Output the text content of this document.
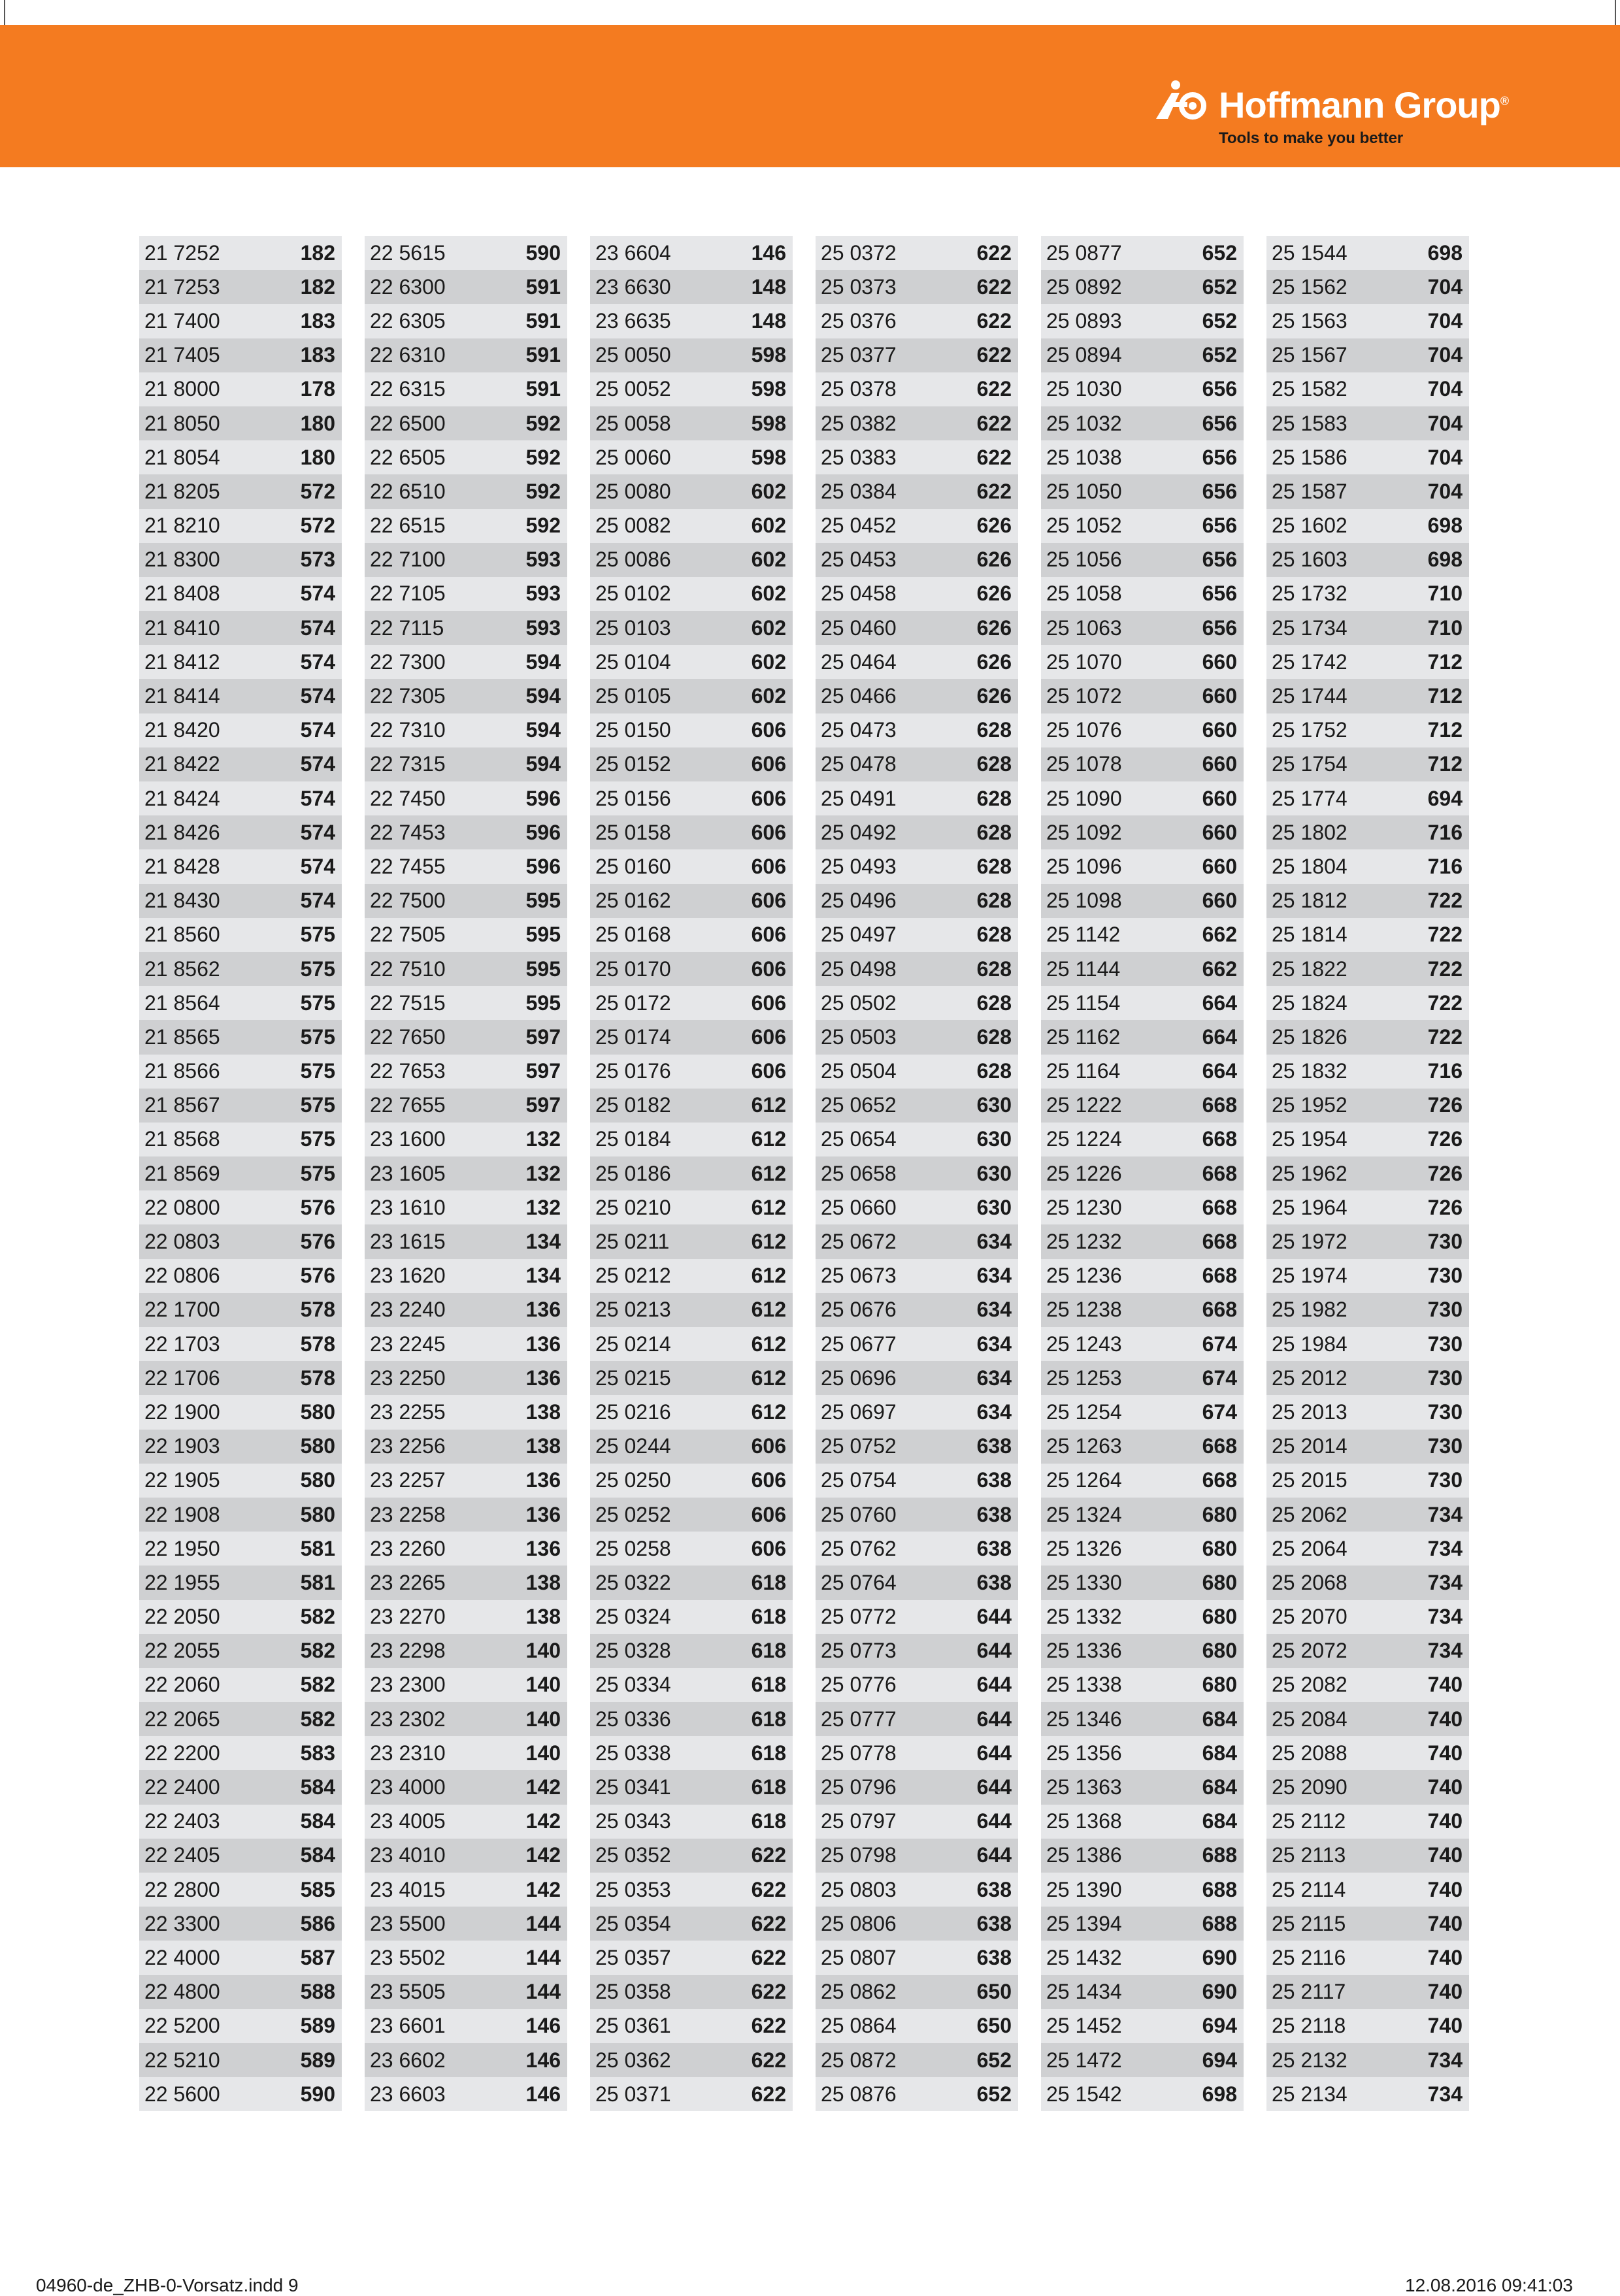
Hoffmann Group®
Tools to make you better
21 7252	182
21 7253	182
21 7400	183
21 7405	183
21 8000	178
21 8050	180
21 8054	180
21 8205	572
21 8210	572
21 8300	573
21 8408	574
21 8410	574
21 8412	574
21 8414	574
21 8420	574
21 8422	574
21 8424	574
21 8426	574
21 8428	574
21 8430	574
21 8560	575
21 8562	575
21 8564	575
21 8565	575
21 8566	575
21 8567	575
21 8568	575
21 8569	575
22 0800	576
22 0803	576
22 0806	576
22 1700	578
22 1703	578
22 1706	578
22 1900	580
22 1903	580
22 1905	580
22 1908	580
22 1950	581
22 1955	581
22 2050	582
22 2055	582
22 2060	582
22 2065	582
22 2200	583
22 2400	584
22 2403	584
22 2405	584
22 2800	585
22 3300	586
22 4000	587
22 4800	588
22 5200	589
22 5210	589
22 5600	590
22 5615	590
22 6300	591
22 6305	591
22 6310	591
22 6315	591
22 6500	592
22 6505	592
22 6510	592
22 6515	592
22 7100	593
22 7105	593
22 7115	593
22 7300	594
22 7305	594
22 7310	594
22 7315	594
22 7450	596
22 7453	596
22 7455	596
22 7500	595
22 7505	595
22 7510	595
22 7515	595
22 7650	597
22 7653	597
22 7655	597
23 1600	132
23 1605	132
23 1610	132
23 1615	134
23 1620	134
23 2240	136
23 2245	136
23 2250	136
23 2255	138
23 2256	138
23 2257	136
23 2258	136
23 2260	136
23 2265	138
23 2270	138
23 2298	140
23 2300	140
23 2302	140
23 2310	140
23 4000	142
23 4005	142
23 4010	142
23 4015	142
23 5500	144
23 5502	144
23 5505	144
23 6601	146
23 6602	146
23 6603	146
23 6604	146
23 6630	148
23 6635	148
25 0050	598
25 0052	598
25 0058	598
25 0060	598
25 0080	602
25 0082	602
25 0086	602
25 0102	602
25 0103	602
25 0104	602
25 0105	602
25 0150	606
25 0152	606
25 0156	606
25 0158	606
25 0160	606
25 0162	606
25 0168	606
25 0170	606
25 0172	606
25 0174	606
25 0176	606
25 0182	612
25 0184	612
25 0186	612
25 0210	612
25 0211	612
25 0212	612
25 0213	612
25 0214	612
25 0215	612
25 0216	612
25 0244	606
25 0250	606
25 0252	606
25 0258	606
25 0322	618
25 0324	618
25 0328	618
25 0334	618
25 0336	618
25 0338	618
25 0341	618
25 0343	618
25 0352	622
25 0353	622
25 0354	622
25 0357	622
25 0358	622
25 0361	622
25 0362	622
25 0371	622
25 0372	622
25 0373	622
25 0376	622
25 0377	622
25 0378	622
25 0382	622
25 0383	622
25 0384	622
25 0452	626
25 0453	626
25 0458	626
25 0460	626
25 0464	626
25 0466	626
25 0473	628
25 0478	628
25 0491	628
25 0492	628
25 0493	628
25 0496	628
25 0497	628
25 0498	628
25 0502	628
25 0503	628
25 0504	628
25 0652	630
25 0654	630
25 0658	630
25 0660	630
25 0672	634
25 0673	634
25 0676	634
25 0677	634
25 0696	634
25 0697	634
25 0752	638
25 0754	638
25 0760	638
25 0762	638
25 0764	638
25 0772	644
25 0773	644
25 0776	644
25 0777	644
25 0778	644
25 0796	644
25 0797	644
25 0798	644
25 0803	638
25 0806	638
25 0807	638
25 0862	650
25 0864	650
25 0872	652
25 0876	652
25 0877	652
25 0892	652
25 0893	652
25 0894	652
25 1030	656
25 1032	656
25 1038	656
25 1050	656
25 1052	656
25 1056	656
25 1058	656
25 1063	656
25 1070	660
25 1072	660
25 1076	660
25 1078	660
25 1090	660
25 1092	660
25 1096	660
25 1098	660
25 1142	662
25 1144	662
25 1154	664
25 1162	664
25 1164	664
25 1222	668
25 1224	668
25 1226	668
25 1230	668
25 1232	668
25 1236	668
25 1238	668
25 1243	674
25 1253	674
25 1254	674
25 1263	668
25 1264	668
25 1324	680
25 1326	680
25 1330	680
25 1332	680
25 1336	680
25 1338	680
25 1346	684
25 1356	684
25 1363	684
25 1368	684
25 1386	688
25 1390	688
25 1394	688
25 1432	690
25 1434	690
25 1452	694
25 1472	694
25 1542	698
25 1544	698
25 1562	704
25 1563	704
25 1567	704
25 1582	704
25 1583	704
25 1586	704
25 1587	704
25 1602	698
25 1603	698
25 1732	710
25 1734	710
25 1742	712
25 1744	712
25 1752	712
25 1754	712
25 1774	694
25 1802	716
25 1804	716
25 1812	722
25 1814	722
25 1822	722
25 1824	722
25 1826	722
25 1832	716
25 1952	726
25 1954	726
25 1962	726
25 1964	726
25 1972	730
25 1974	730
25 1982	730
25 1984	730
25 2012	730
25 2013	730
25 2014	730
25 2015	730
25 2062	734
25 2064	734
25 2068	734
25 2070	734
25 2072	734
25 2082	740
25 2084	740
25 2088	740
25 2090	740
25 2112	740
25 2113	740
25 2114	740
25 2115	740
25 2116	740
25 2117	740
25 2118	740
25 2132	734
25 2134	734
04960-de_ZHB-0-Vorsatz.indd 9	12.08.2016 09:41:03
